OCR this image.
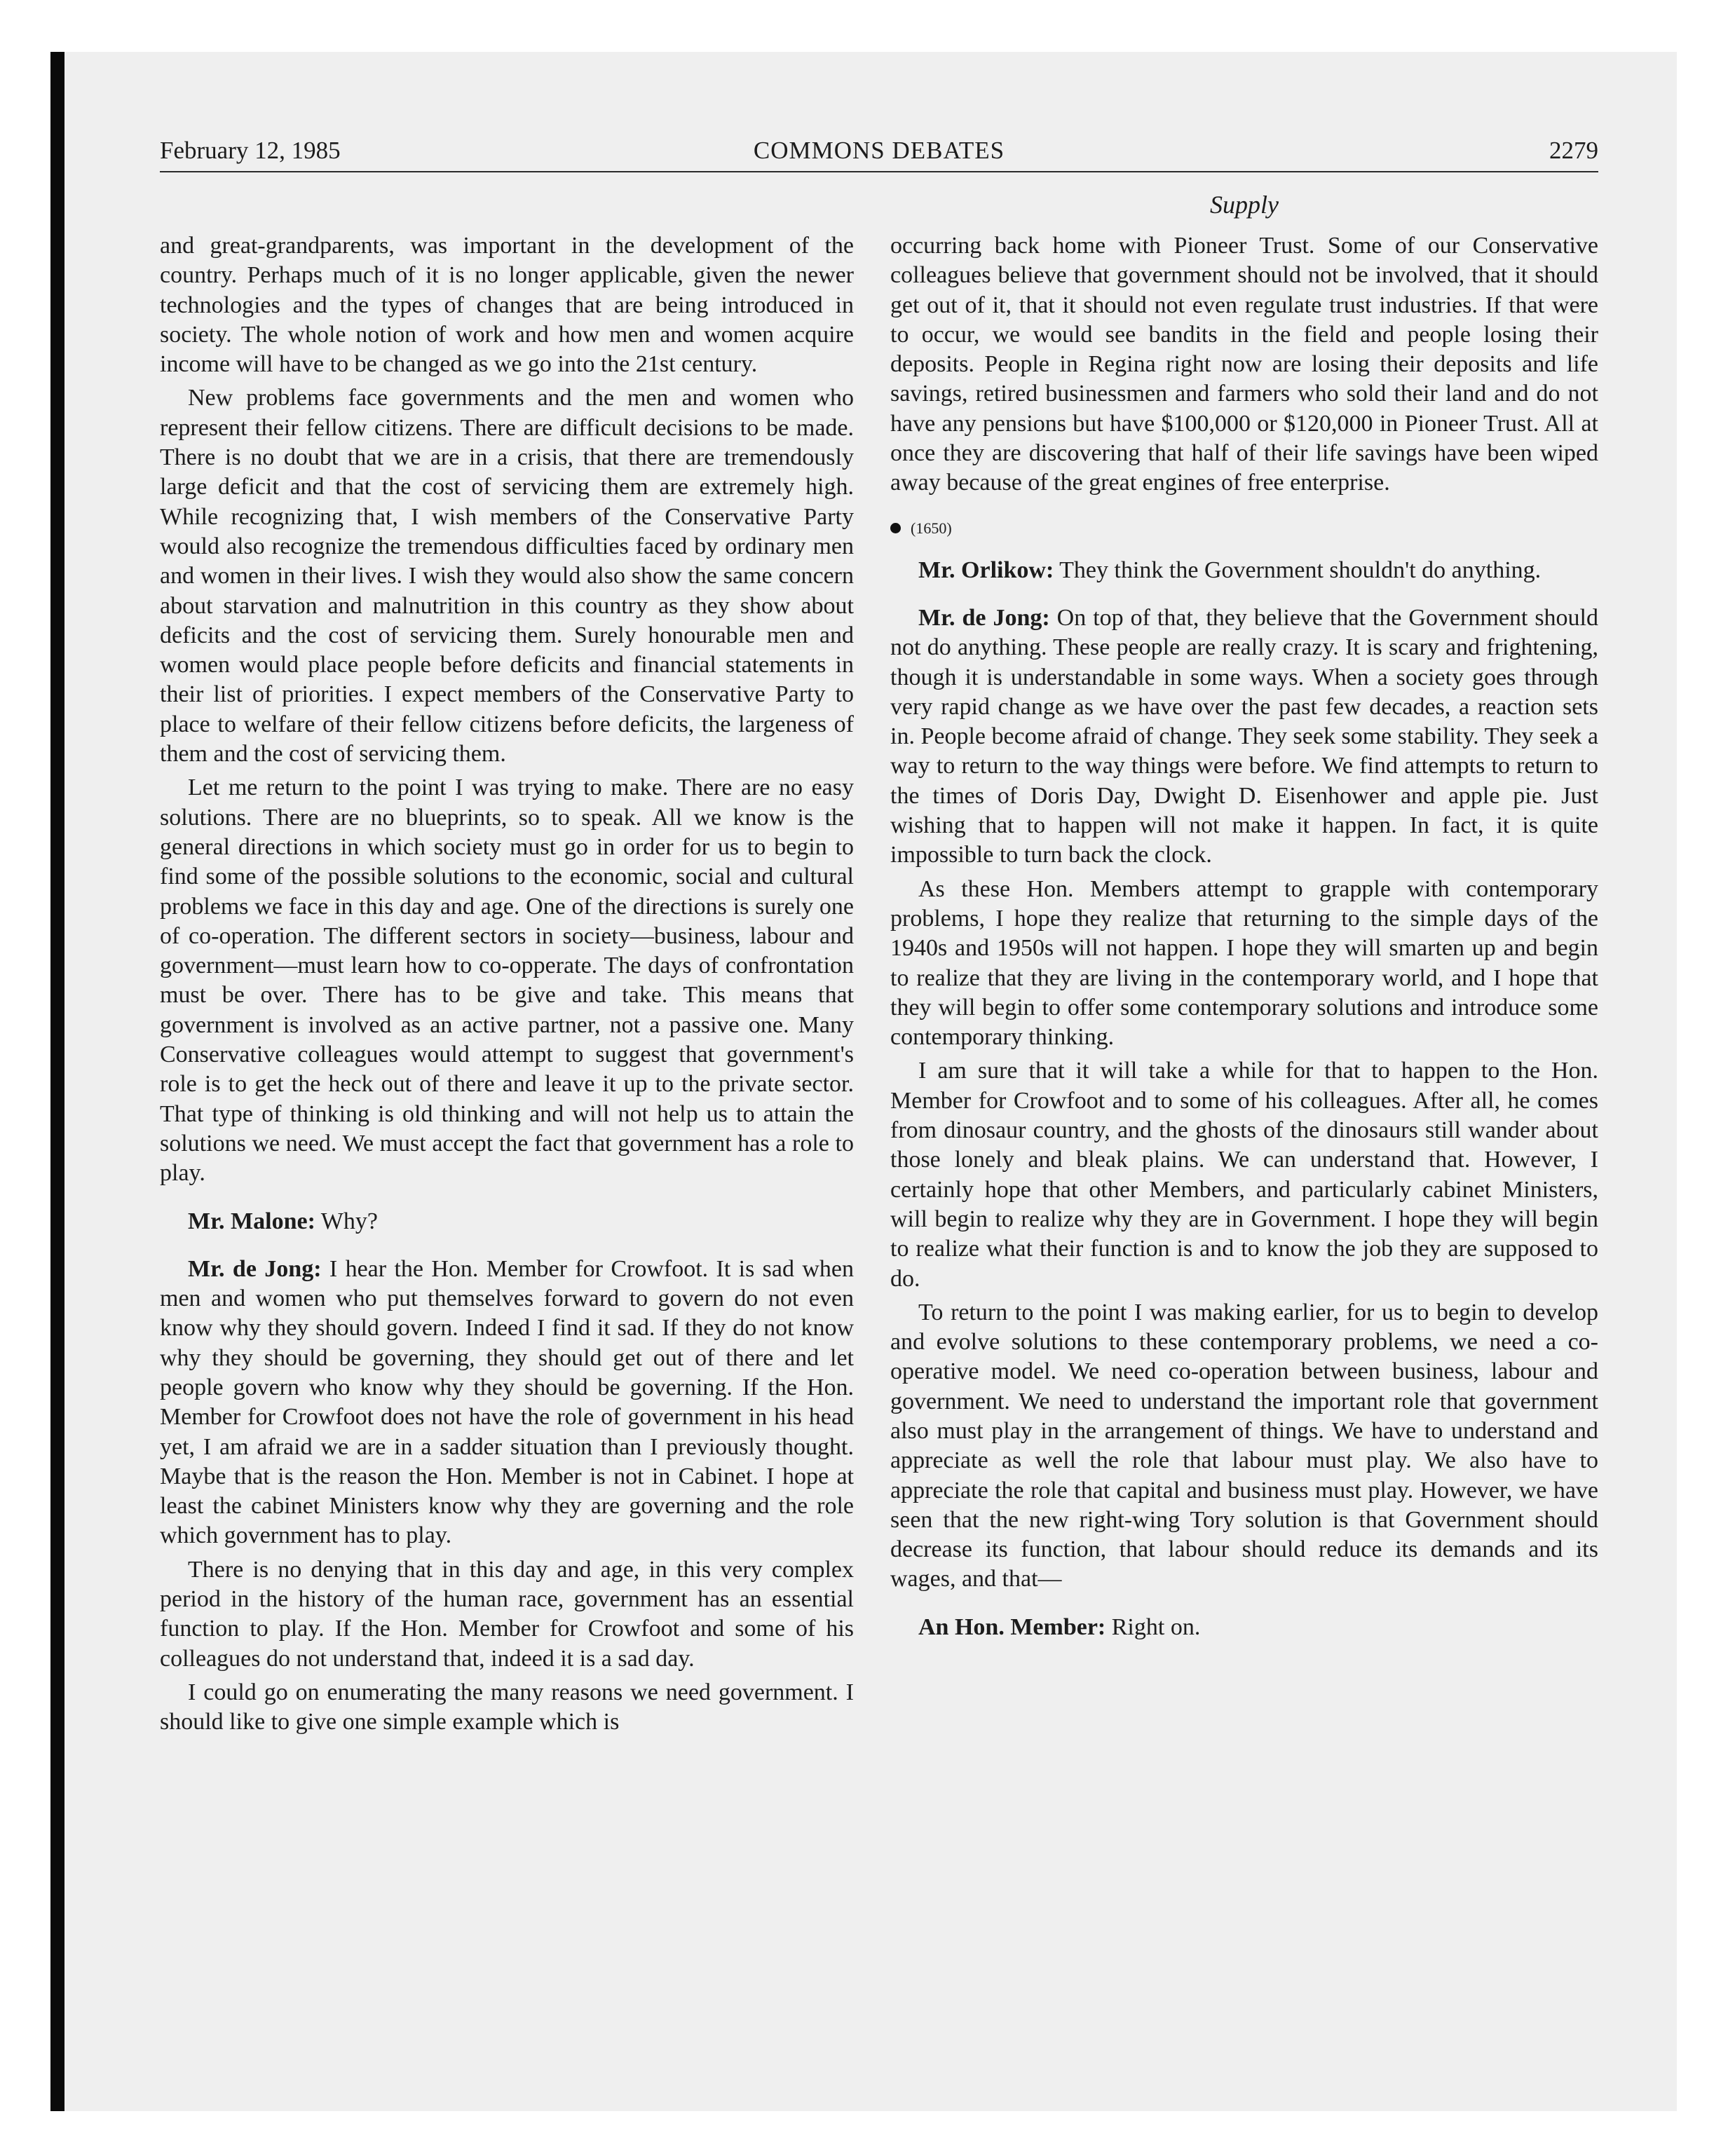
February 12, 1985	COMMONS DEBATES	2279
Supply

and great-grandparents, was important in the development of the country. Perhaps much of it is no longer applicable, given the newer technologies and the types of changes that are being introduced in society. The whole notion of work and how men and women acquire income will have to be changed as we go into the 21st century.

New problems face governments and the men and women who represent their fellow citizens. There are difficult decisions to be made. There is no doubt that we are in a crisis, that there are tremendously large deficit and that the cost of servicing them are extremely high. While recognizing that, I wish members of the Conservative Party would also recognize the tremendous difficulties faced by ordinary men and women in their lives. I wish they would also show the same concern about starvation and malnutrition in this country as they show about deficits and the cost of servicing them. Surely honourable men and women would place people before deficits and financial statements in their list of priorities. I expect members of the Conservative Party to place to welfare of their fellow citizens before deficits, the largeness of them and the cost of servicing them.

Let me return to the point I was trying to make. There are no easy solutions. There are no blueprints, so to speak. All we know is the general directions in which society must go in order for us to begin to find some of the possible solutions to the economic, social and cultural problems we face in this day and age. One of the directions is surely one of co-operation. The different sectors in society—business, labour and government—must learn how to co-opperate. The days of confrontation must be over. There has to be give and take. This means that government is involved as an active partner, not a passive one. Many Conservative colleagues would attempt to suggest that government's role is to get the heck out of there and leave it up to the private sector. That type of thinking is old thinking and will not help us to attain the solutions we need. We must accept the fact that government has a role to play.

Mr. Malone: Why?

Mr. de Jong: I hear the Hon. Member for Crowfoot. It is sad when men and women who put themselves forward to govern do not even know why they should govern. Indeed I find it sad. If they do not know why they should be governing, they should get out of there and let people govern who know why they should be governing. If the Hon. Member for Crowfoot does not have the role of government in his head yet, I am afraid we are in a sadder situation than I previously thought. Maybe that is the reason the Hon. Member is not in Cabinet. I hope at least the cabinet Ministers know why they are governing and the role which government has to play.

There is no denying that in this day and age, in this very complex period in the history of the human race, government has an essential function to play. If the Hon. Member for Crowfoot and some of his colleagues do not understand that, indeed it is a sad day.

I could go on enumerating the many reasons we need government. I should like to give one simple example which is

occurring back home with Pioneer Trust. Some of our Conservative colleagues believe that government should not be involved, that it should get out of it, that it should not even regulate trust industries. If that were to occur, we would see bandits in the field and people losing their deposits. People in Regina right now are losing their deposits and life savings, retired businessmen and farmers who sold their land and do not have any pensions but have $100,000 or $120,000 in Pioneer Trust. All at once they are discovering that half of their life savings have been wiped away because of the great engines of free enterprise.

(1650)

Mr. Orlikow: They think the Government shouldn't do anything.

Mr. de Jong: On top of that, they believe that the Government should not do anything. These people are really crazy. It is scary and frightening, though it is understandable in some ways. When a society goes through very rapid change as we have over the past few decades, a reaction sets in. People become afraid of change. They seek some stability. They seek a way to return to the way things were before. We find attempts to return to the times of Doris Day, Dwight D. Eisenhower and apple pie. Just wishing that to happen will not make it happen. In fact, it is quite impossible to turn back the clock.

As these Hon. Members attempt to grapple with contemporary problems, I hope they realize that returning to the simple days of the 1940s and 1950s will not happen. I hope they will smarten up and begin to realize that they are living in the contemporary world, and I hope that they will begin to offer some contemporary solutions and introduce some contemporary thinking.

I am sure that it will take a while for that to happen to the Hon. Member for Crowfoot and to some of his colleagues. After all, he comes from dinosaur country, and the ghosts of the dinosaurs still wander about those lonely and bleak plains. We can understand that. However, I certainly hope that other Members, and particularly cabinet Ministers, will begin to realize why they are in Government. I hope they will begin to realize what their function is and to know the job they are supposed to do.

To return to the point I was making earlier, for us to begin to develop and evolve solutions to these contemporary problems, we need a co-operative model. We need co-operation between business, labour and government. We need to understand the important role that government also must play in the arrangement of things. We have to understand and appreciate as well the role that labour must play. We also have to appreciate the role that capital and business must play. However, we have seen that the new right-wing Tory solution is that Government should decrease its function, that labour should reduce its demands and its wages, and that—

An Hon. Member: Right on.
